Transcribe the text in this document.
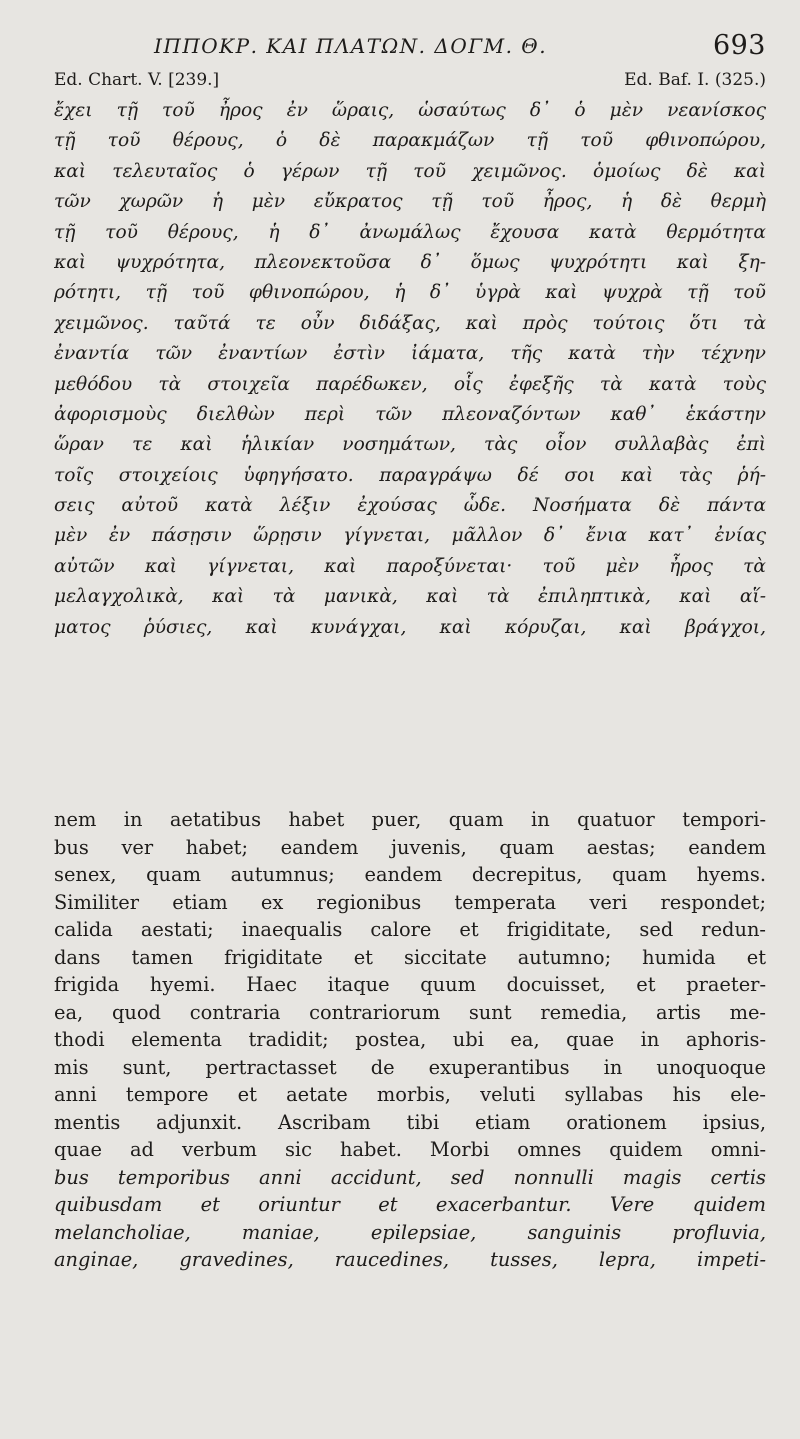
ΙΠΠΟΚΡ. ΚΑΙ ΠΛΑΤΩΝ. ΔΟΓΜ. Θ.	693
Ed. Chart. V. [239.]	Ed. Baf. I. (325.)
ἔχει τῇ τοῦ ἦρος ἐν ὥραις, ὡσαύτως δ᾽ ὁ μὲν νεανίσκος
τῇ τοῦ θέρους, ὁ δὲ παρακμάζων τῇ τοῦ φθινοπώρου,
καὶ τελευταῖος ὁ γέρων τῇ τοῦ χειμῶνος. ὁμοίως δὲ καὶ
τῶν χωρῶν ἡ μὲν εὔκρατος τῇ τοῦ ἦρος, ἡ δὲ θερμὴ
τῇ τοῦ θέρους, ἡ δ᾽ ἀνωμάλως ἔχουσα κατὰ θερμότητα
καὶ ψυχρότητα, πλεονεκτοῦσα δ᾽ ὅμως ψυχρότητι καὶ ξη-
ρότητι, τῇ τοῦ φθινοπώρου, ἡ δ᾽ ὑγρὰ καὶ ψυχρὰ τῇ τοῦ
χειμῶνος. ταῦτά τε οὖν διδάξας, καὶ πρὸς τούτοις ὅτι τὰ
ἐναντία τῶν ἐναντίων ἐστὶν ἰάματα, τῆς κατὰ τὴν τέχνην
μεθόδου τὰ στοιχεῖα παρέδωκεν, οἷς ἐφεξῆς τὰ κατὰ τοὺς
ἀφορισμοὺς διελθὼν περὶ τῶν πλεοναζόντων καθ᾽ ἑκάστην
ὥραν τε καὶ ἡλικίαν νοσημάτων, τὰς οἷον συλλαβὰς ἐπὶ
τοῖς στοιχείοις ὑφηγήσατο. παραγράψω δέ σοι καὶ τὰς ῥή-
σεις αὐτοῦ κατὰ λέξιν ἐχούσας ὧδε. Νοσήματα δὲ πάντα
μὲν ἐν πάσῃσιν ὥρῃσιν γίγνεται, μᾶλλον δ᾽ ἔνια κατ᾽ ἐνίας
αὐτῶν καὶ γίγνεται, καὶ παροξύνεται· τοῦ μὲν ἦρος τὰ
μελαγχολικὰ, καὶ τὰ μανικὰ, καὶ τὰ ἐπιληπτικὰ, καὶ αἵ-
ματος ῥύσιες, καὶ κυνάγχαι, καὶ κόρυζαι, καὶ βράγχοι,
nem in aetatibus habet puer, quam in quatuor tempori-
bus ver habet; eandem juvenis, quam aestas; eandem
senex, quam autumnus; eandem decrepitus, quam hyems.
Similiter etiam ex regionibus temperata veri respondet;
calida aestati; inaequalis calore et frigiditate, sed redun-
dans tamen frigiditate et siccitate autumno; humida et
frigida hyemi. Haec itaque quum docuisset, et praeter-
ea, quod contraria contrariorum sunt remedia, artis me-
thodi elementa tradidit; postea, ubi ea, quae in aphoris-
mis sunt, pertractasset de exuperantibus in unoquoque
anni tempore et aetate morbis, veluti syllabas his ele-
mentis adjunxit. Ascribam tibi etiam orationem ipsius,
quae ad verbum sic habet. Morbi omnes quidem omni-
bus temporibus anni accidunt, sed nonnulli magis certis
quibusdam et oriuntur et exacerbantur. Vere quidem
melancholiae, maniae, epilepsiae, sanguinis profluvia,
anginae, gravedines, raucedines, tusses, lepra, impeti-
